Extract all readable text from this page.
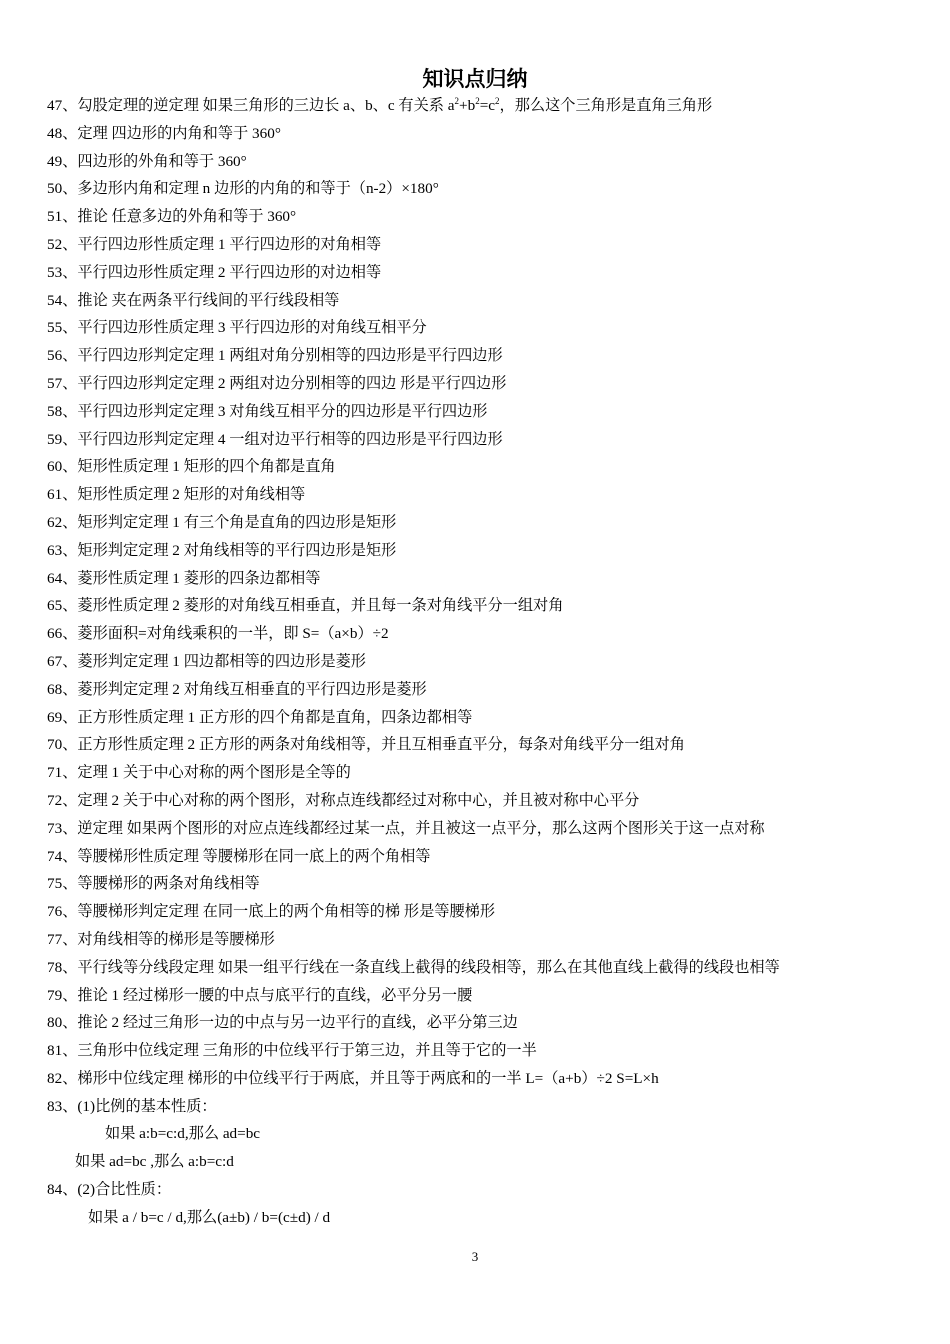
知识点归纳
47、勾股定理的逆定理 如果三角形的三边长 a、b、c 有关系 $a^2+b^2=c^2$，那么这个三角形是直角三角形
48、定理 四边形的内角和等于 360°
49、四边形的外角和等于 360°
50、多边形内角和定理 n 边形的内角的和等于（n-2）×180°
51、推论 任意多边的外角和等于 360°
52、平行四边形性质定理 1 平行四边形的对角相等
53、平行四边形性质定理 2 平行四边形的对边相等
54、推论 夹在两条平行线间的平行线段相等
55、平行四边形性质定理 3 平行四边形的对角线互相平分
56、平行四边形判定定理 1 两组对角分别相等的四边形是平行四边形
57、平行四边形判定定理 2 两组对边分别相等的四边 形是平行四边形
58、平行四边形判定定理 3 对角线互相平分的四边形是平行四边形
59、平行四边形判定定理 4 一组对边平行相等的四边形是平行四边形
60、矩形性质定理 1 矩形的四个角都是直角
61、矩形性质定理 2 矩形的对角线相等
62、矩形判定定理 1 有三个角是直角的四边形是矩形
63、矩形判定定理 2 对角线相等的平行四边形是矩形
64、菱形性质定理 1 菱形的四条边都相等
65、菱形性质定理 2 菱形的对角线互相垂直，并且每一条对角线平分一组对角
66、菱形面积=对角线乘积的一半，即 S=（a×b）÷2
67、菱形判定定理 1 四边都相等的四边形是菱形
68、菱形判定定理 2 对角线互相垂直的平行四边形是菱形
69、正方形性质定理 1 正方形的四个角都是直角，四条边都相等
70、正方形性质定理 2 正方形的两条对角线相等，并且互相垂直平分，每条对角线平分一组对角
71、定理 1 关于中心对称的两个图形是全等的
72、定理 2 关于中心对称的两个图形，对称点连线都经过对称中心，并且被对称中心平分
73、逆定理 如果两个图形的对应点连线都经过某一点，并且被这一点平分，那么这两个图形关于这一点对称
74、等腰梯形性质定理 等腰梯形在同一底上的两个角相等
75、等腰梯形的两条对角线相等
76、等腰梯形判定定理 在同一底上的两个角相等的梯 形是等腰梯形
77、对角线相等的梯形是等腰梯形
78、平行线等分线段定理 如果一组平行线在一条直线上截得的线段相等，那么在其他直线上截得的线段也相等
79、推论 1 经过梯形一腰的中点与底平行的直线，必平分另一腰
80、推论 2 经过三角形一边的中点与另一边平行的直线，必平分第三边
81、三角形中位线定理 三角形的中位线平行于第三边，并且等于它的一半
82、梯形中位线定理 梯形的中位线平行于两底，并且等于两底和的一半 L=（a+b）÷2 S=L×h
83、(1)比例的基本性质：
如果 a:b=c:d,那么 ad=bc
如果 ad=bc ,那么 a:b=c:d
84、(2)合比性质：
如果 a / b=c / d,那么(a±b) / b=(c±d) / d
3
